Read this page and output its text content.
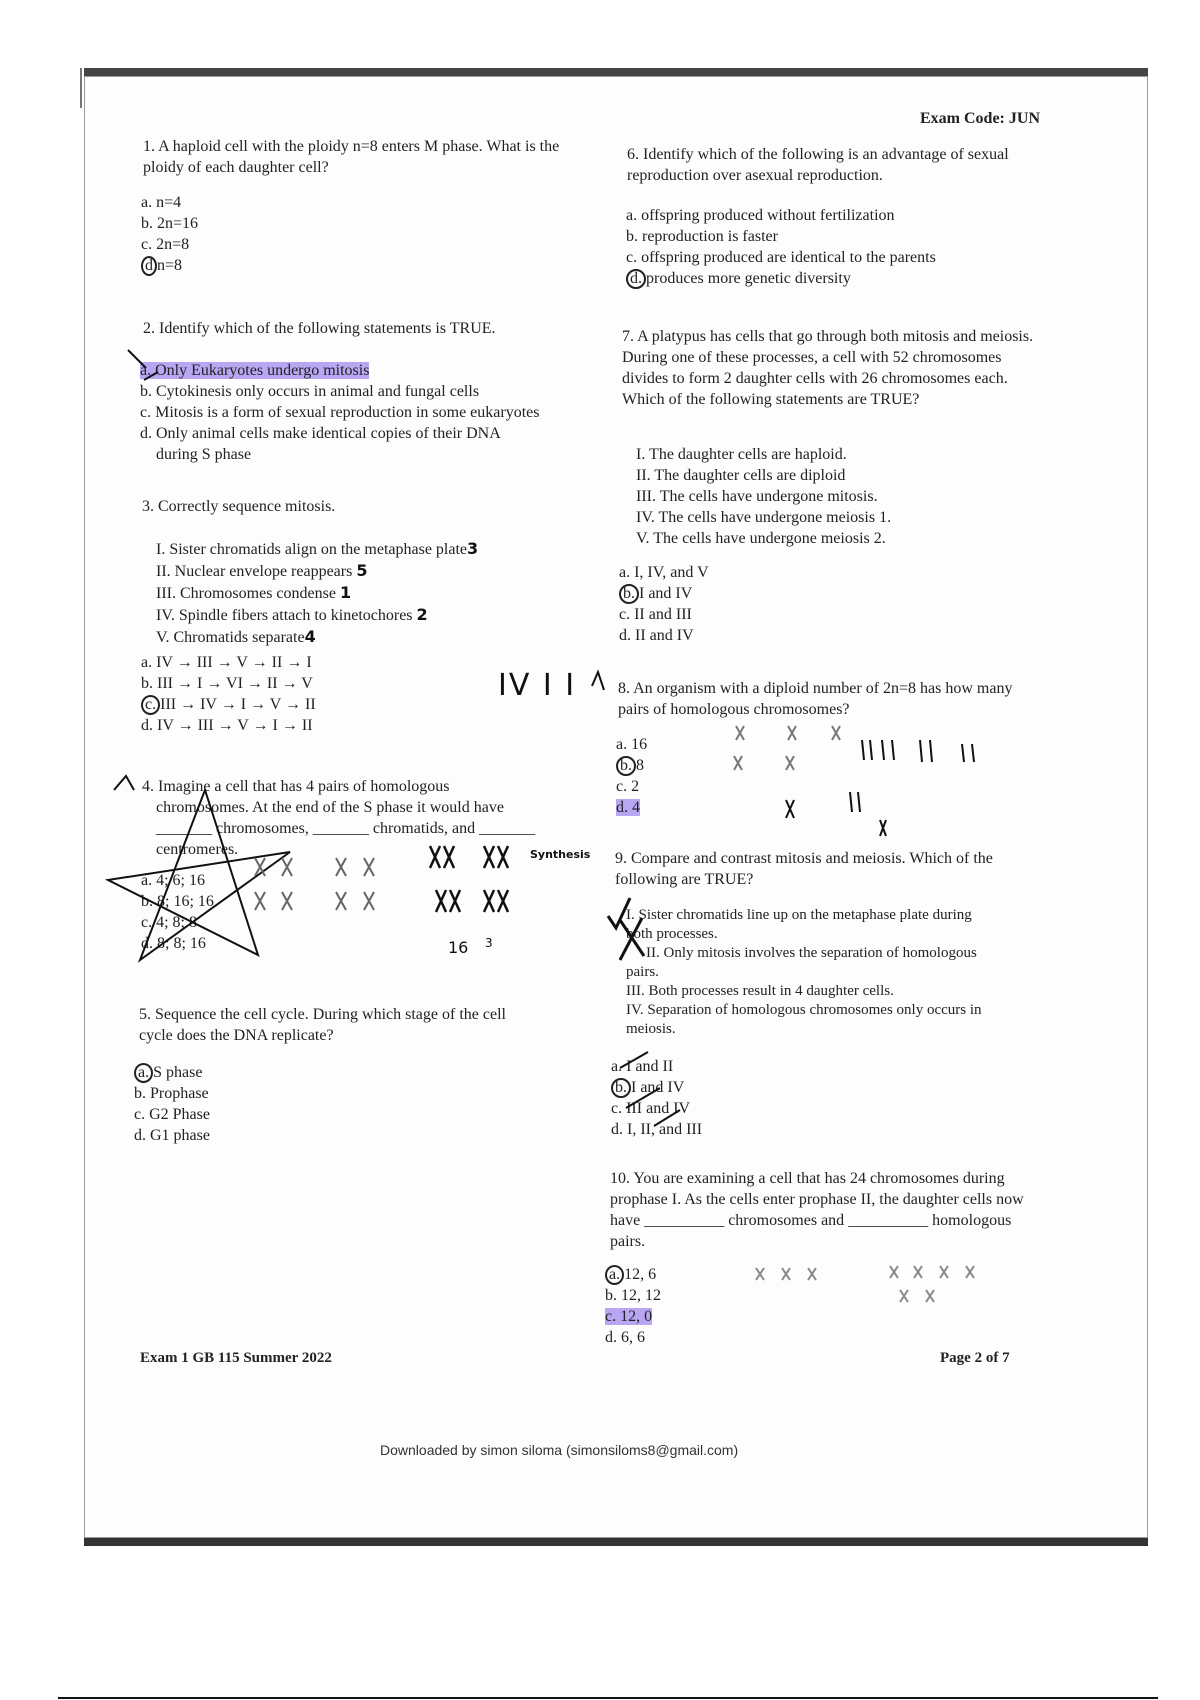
Exam Code: JUN
1. A haploid cell with the ploidy n=8 enters M phase. What is the ploidy of each daughter cell?
a. n=4
b. 2n=16
c. 2n=8
d n=8
2. Identify which of the following statements is TRUE.
a. Only Eukaryotes undergo mitosis
b. Cytokinesis only occurs in animal and fungal cells
c. Mitosis is a form of sexual reproduction in some eukaryotes
d. Only animal cells make identical copies of their DNA
during S phase
3. Correctly sequence mitosis.
I. Sister chromatids align on the metaphase plate3
II. Nuclear envelope reappears 5
III. Chromosomes condense 1
IV. Spindle fibers attach to kinetochores 2
V. Chromatids separate4
a. IV → III → V → II → I
b. III → I → VI → II → V
c. III → IV → I → V → II
d. IV → III → V → I → II
IV I I
4. Imagine a cell that has 4 pairs of homologous
chromosomes. At the end of the S phase it would have
_______ chromosomes, _______ chromatids, and _______
centromeres.
a. 4; 6; 16
b. 8; 16; 16
c. 4; 8; 8
d. 8; 8; 16
Synthesis
16 3
5. Sequence the cell cycle. During which stage of the cell cycle does the DNA replicate?
a. S phase
b. Prophase
c. G2 Phase
d. G1 phase
6. Identify which of the following is an advantage of sexual reproduction over asexual reproduction.
a. offspring produced without fertilization
b. reproduction is faster
c. offspring produced are identical to the parents
d. produces more genetic diversity
7. A platypus has cells that go through both mitosis and meiosis. During one of these processes, a cell with 52 chromosomes divides to form 2 daughter cells with 26 chromosomes each. Which of the following statements are TRUE?
I. The daughter cells are haploid.
II. The daughter cells are diploid
III. The cells have undergone mitosis.
IV. The cells have undergone meiosis 1.
V. The cells have undergone meiosis 2.
a. I, IV, and V
b. I and IV
c. II and III
d. II and IV
8. An organism with a diploid number of 2n=8 has how many pairs of homologous chromosomes?
a. 16
b. 8
c. 2
d. 4
9. Compare and contrast mitosis and meiosis. Which of the following are TRUE?
I. Sister chromatids line up on the metaphase plate during
both processes.
II. Only mitosis involves the separation of homologous
pairs.
III. Both processes result in 4 daughter cells.
IV. Separation of homologous chromosomes only occurs in
meiosis.
a. I and II
b. I and IV
c. III and IV
d. I, II, and III
10. You are examining a cell that has 24 chromosomes during prophase I. As the cells enter prophase II, the daughter cells now have __________ chromosomes and __________ homologous pairs.
a. 12, 6
b. 12, 12
c. 12, 0
d. 6, 6
Exam 1 GB 115 Summer 2022	Page 2 of 7
Downloaded by simon siloma (simonsiloms8@gmail.com)
